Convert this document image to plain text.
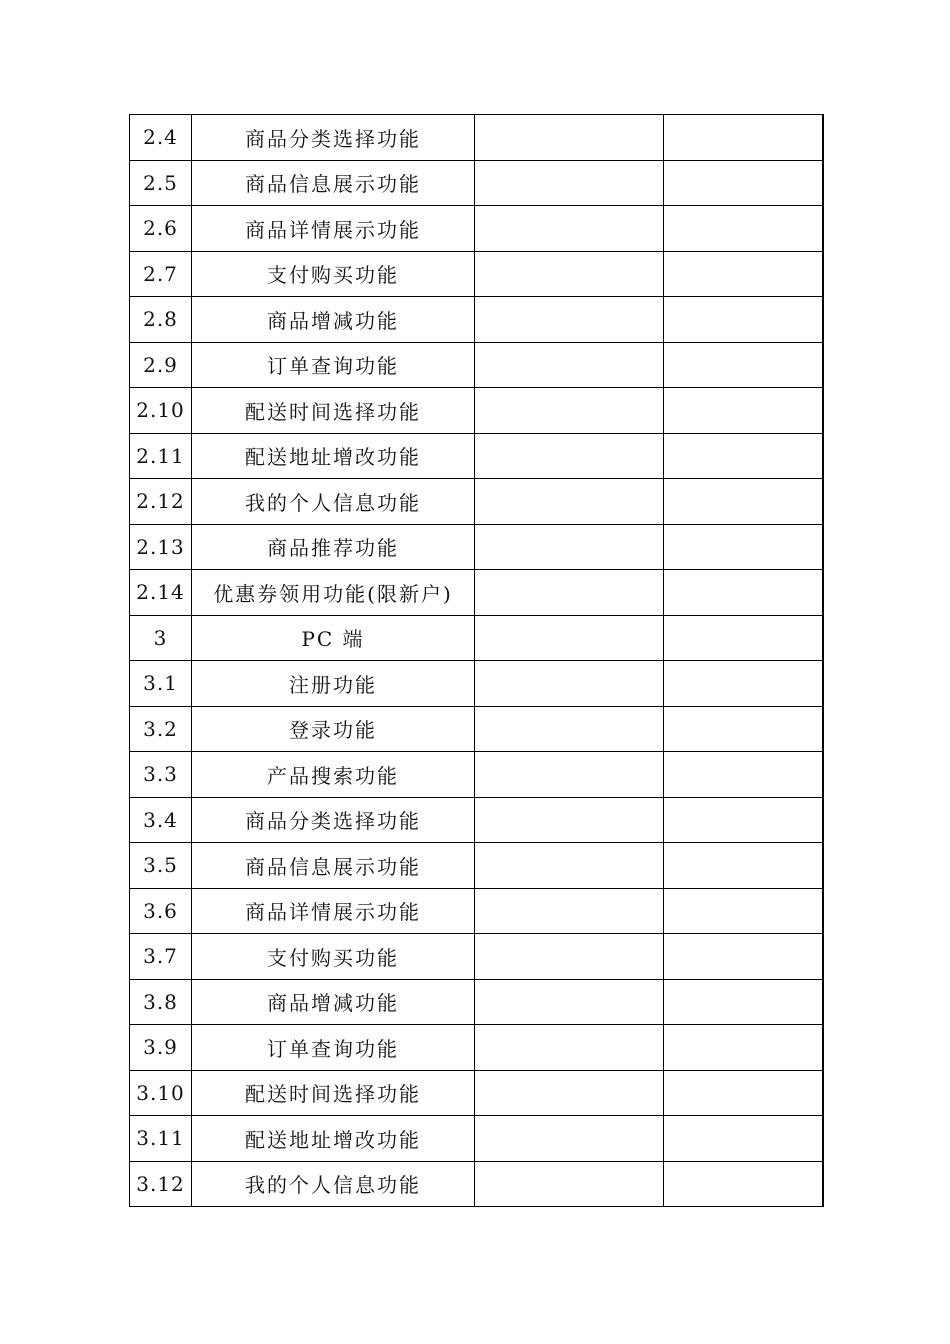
2.4	商品分类选择功能		
2.5	商品信息展示功能		
2.6	商品详情展示功能		
2.7	支付购买功能		
2.8	商品增减功能		
2.9	订单查询功能		
2.10	配送时间选择功能		
2.11	配送地址增改功能		
2.12	我的个人信息功能		
2.13	商品推荐功能		
2.14	优惠券领用功能(限新户)		
3	PC 端		
3.1	注册功能		
3.2	登录功能		
3.3	产品搜索功能		
3.4	商品分类选择功能		
3.5	商品信息展示功能		
3.6	商品详情展示功能		
3.7	支付购买功能		
3.8	商品增减功能		
3.9	订单查询功能		
3.10	配送时间选择功能		
3.11	配送地址增改功能		
3.12	我的个人信息功能		
